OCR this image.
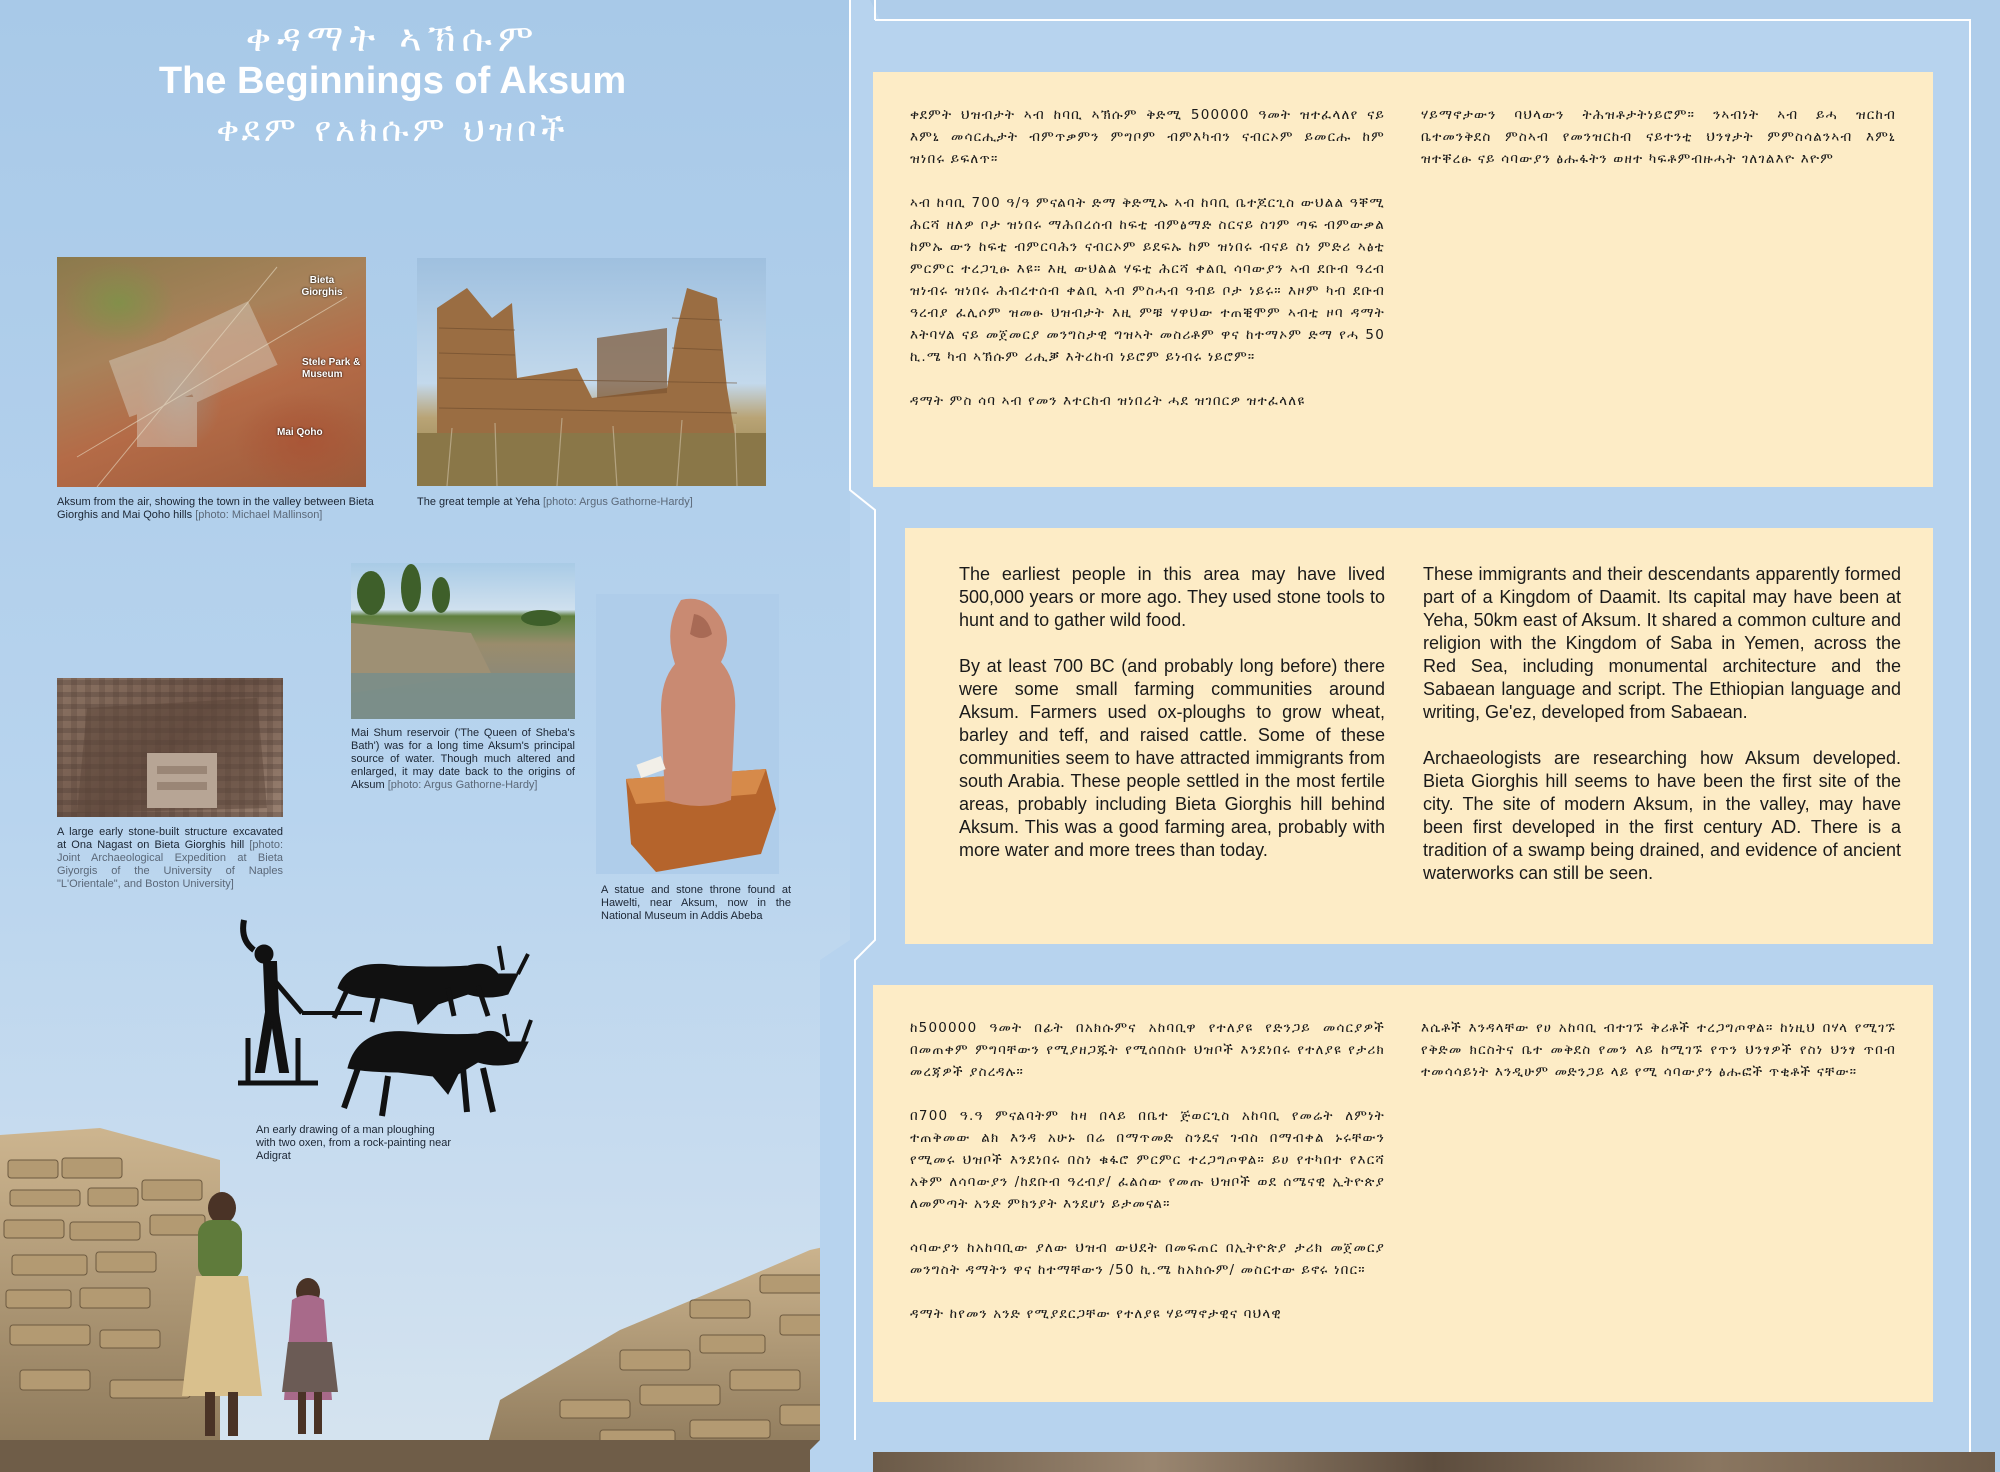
ቀዳማት ኣኽሱም
The Beginnings of Aksum
ቀደም የአክሱም ህዝቦች
Bieta Giorghis
Stele Park & Museum
Mai Qoho
Aksum from the air, showing the town in the valley between Bieta Giorghis and Mai Qoho hills [photo: Michael Mallinson]
The great temple at Yeha [photo: Argus Gathorne-Hardy]
Mai Shum reservoir ('The Queen of Sheba's Bath') was for a long time Aksum's principal source of water. Though much altered and enlarged, it may date back to the origins of Aksum [photo: Argus Gathorne-Hardy]
A large early stone-built structure excavated at Ona Nagast on Bieta Giorghis hill [photo: Joint Archaeological Expedition at Bieta Giyorgis of the University of Naples "L'Orientale", and Boston University]	A statue and stone throne found at Hawelti, near Aksum, now in the National Museum in Addis Abeba
An early drawing of a man ploughing with two oxen, from a rock-painting near Adigrat

ቀደምት ህዝብታት ኣብ ከባቢ ኣኽሱም ቅድሚ 500000 ዓመት ዝተፈላለየ ናይ እምኒ መሳርሒታት ብምጥቃምን ምግቦም ብምእካብን ናብርኦም ይመርሑ ከም ዝነበሩ ይፍለጥ።

ኣብ ከባቢ 700 ዓ/ዓ ምናልባት ድማ ቅድሚኡ ኣብ ከባቢ ቤተጆርጊስ ውህልል ዓቐሚ ሕርሻ ዘለዎ ቦታ ዝነበሩ ማሕበረሰብ ከፍቲ ብምፅማድ ስርናይ ስገም ጣፍ ብምውቃል ከምኡ ውን ከፍቲ ብምርባሕን ናብርኦም ይደፍኡ ከም ዝነበሩ ብናይ ስነ ምድሪ ኣፅቲ ምርምር ተረጋጊፁ እዩ። እዚ ውህልል ሃፍቲ ሕርሻ ቀልቢ ሳባውያን ኣብ ደቡብ ዓረብ ዝነብሩ ዝነበሩ ሕብረተሰብ ቀልቢ ኣብ ምስሓብ ዓብይ ቦታ ነይሩ። እዞም ካብ ደቡብ ዓረብያ ፈሊሶም ዝመፁ ህዝብታት እዚ ምቹ ሃዋህው ተጠቒሞም ኣብቲ ዞባ ዳማት እትባሃል ናይ መጀመርያ መንግስታዊ ግዝኣት መስሪቶም ዋና ከተማኦም ድማ የሓ 50 ኪ.ሜ ካብ ኣኽሱም ሪሒቓ እትረከብ ነይሮም ይነብሩ ነይሮም።

ዳማት ምስ ሳባ ኣብ የመን እተርከብ ዝነበረት ሓደ ዝገበርዎ ዝተፈላለዩ

ሃይማኖታውን ባህላውን ትሕዝቶታትነይሮም። ንኣብነት ኣብ ይሓ ዝርከብ ቤተመንቅደስ ምስኣብ የመንዝርከብ ናይተንቲ ህንፃታት ምምስሳልንኣብ እምኒ ዝተቐረፁ ናይ ሳባውያን ፅሑፋትን ወዘተ ካፍቶምብዙሓት ገለገልእዮ እዮም

The earliest people in this area may have lived 500,000 years or more ago. They used stone tools to hunt and to gather wild food.

By at least 700 BC (and probably long before) there were some small farming communities around Aksum. Farmers used ox-ploughs to grow wheat, barley and teff, and raised cattle. Some of these communities seem to have attracted immigrants from south Arabia. These people settled in the most fertile areas, probably including Bieta Giorghis hill behind Aksum. This was a good farming area, probably with more water and more trees than today.

These immigrants and their descendants apparently formed part of a Kingdom of Daamit. Its capital may have been at Yeha, 50km east of Aksum. It shared a common culture and religion with the Kingdom of Saba in Yemen, across the Red Sea, including monumental architecture and the Sabaean language and script. The Ethiopian language and writing, Ge'ez, developed from Sabaean.

Archaeologists are researching how Aksum developed. Bieta Giorghis hill seems to have been the first site of the city. The site of modern Aksum, in the valley, may have been first developed in the first century AD. There is a tradition of a swamp being drained, and evidence of ancient waterworks can still be seen.

ከ500000 ዓመት በፊት በአክሱምና አከባቢዋ የተለያዩ የድንጋይ መሳርያዎች በመጠቀም ምግባቸውን የሚያዘጋጁት የሚሰበስቡ ህዝቦች እንደነበሩ የተለያዩ የታሪክ መረጃዎች ያስረዳሉ።

በ700 ዓ.ዓ ምናልባትም ከዛ በላይ በቤተ ጅወርጊስ አከባቢ የመሬት ለምነት ተጠቅመው ልክ እንዳ አሁኑ በሬ በማጥመድ ስንዴና ገብስ በማብቀል ኑሩቸውን የሚመሩ ህዝቦች እንደነበሩ በስነ ቁፋሮ ምርምር ተረጋግጦዋል። ይሀ የተካበተ የእርሻ አቅም ለሳባውያን /ከደቡብ ዓረብያ/ ፈልሰው የመጡ ህዝቦች ወደ ሰሜናዊ ኢትዮጵያ ለመምጣት አንድ ምክንያት እንደሆነ ይታመናል።

ሳባውያን ከአከባቢው ያለው ህዝብ ውህደት በመፍጠር በኢትዮጵያ ታሪክ መጀመርያ መንግስት ዳማትን ዋና ከተማቸውን /50 ኪ.ሜ ከአክሱም/ መስርተው ይኖሩ ነበር።

ዳማት ከየመን አንድ የሚያደርጋቸው የተለያዩ ሃይማኖታዊና ባህላዊ

እሴቶች እንዳላቸው የሀ አከባቢ ብተገኙ ቅሪቶች ተረጋግጦዋል። ከነዚህ በሃላ የሚገኙ የቅድመ ክርስትና ቤተ መቅደስ የመን ላይ ከሚገኙ የጥን ህንፃዎች የስነ ህንፃ ጥበብ ተመሳሳይነት እንዲሁም መድንጋይ ላይ የሚ ሳባውያን ፅሑፎች ጥቂቶች ናቸው።
